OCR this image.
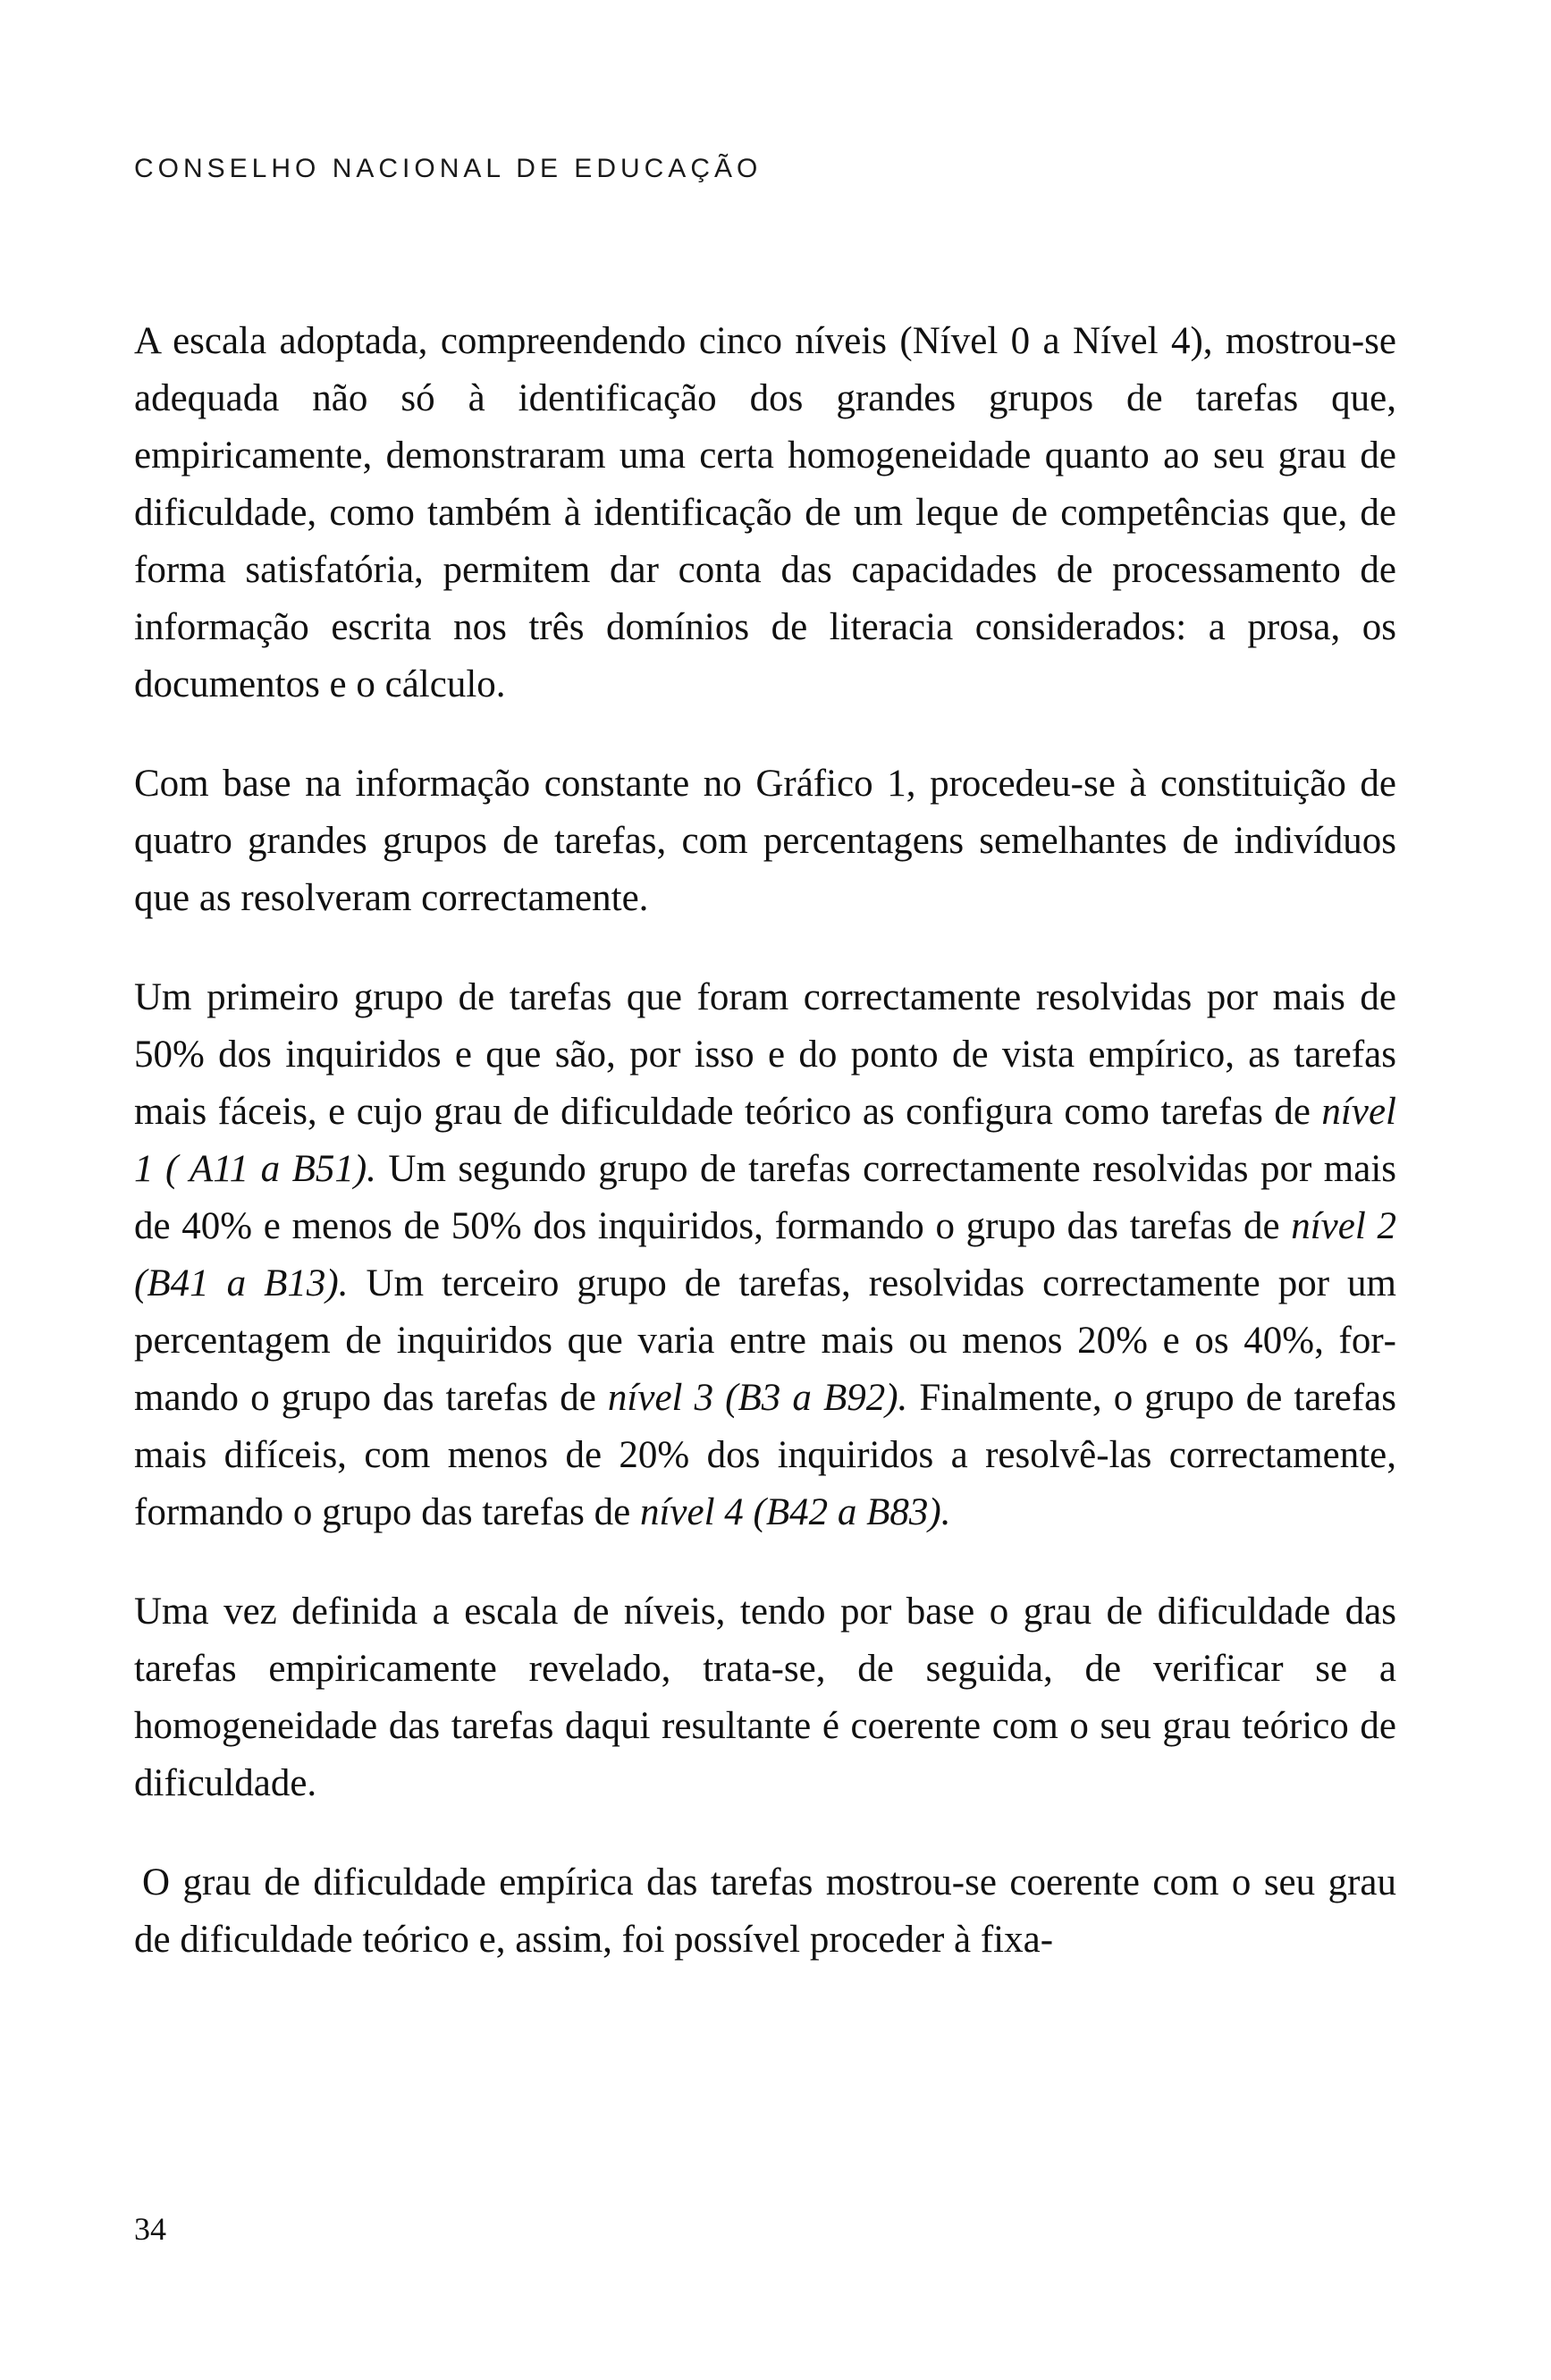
CONSELHO NACIONAL DE EDUCAÇÃO

A escala adoptada, compreendendo cinco níveis (Nível 0 a Nível 4), mostrou-se adequada não só à identificação dos grandes grupos de tarefas que, empiricamente, demonstraram uma certa homogeneidade quanto ao seu grau de dificuldade, como também à identificação de um leque de competências que, de forma satisfatória, permitem dar conta das capacidades de processamento de informação escrita nos três domínios de literacia considerados: a prosa, os documentos e o cálculo.

Com base na informação constante no Gráfico 1, procedeu-se à constituição de quatro grandes grupos de tarefas, com percentagens semelhantes de indivíduos que as resolveram correctamente.

Um primeiro grupo de tarefas que foram correctamente resolvidas por mais de 50% dos inquiridos e que são, por isso e do ponto de vista empírico, as tarefas mais fáceis, e cujo grau de dificuldade teórico as configura como tarefas de nível 1 ( A11 a B51). Um segundo grupo de tarefas correctamente resolvidas por mais de 40% e menos de 50% dos inquiridos, formando o grupo das tarefas de nível 2 (B41 a B13). Um terceiro grupo de tarefas, resolvidas correctamente por um percentagem de inquiridos que varia entre mais ou menos 20% e os 40%, formando o grupo das tarefas de nível 3 (B3 a B92). Finalmente, o grupo de tarefas mais difíceis, com menos de 20% dos inquiridos a resolvê-las correctamente, formando o grupo das tarefas de nível 4 (B42 a B83).

Uma vez definida a escala de níveis, tendo por base o grau de dificuldade das tarefas empiricamente revelado, trata-se, de seguida, de verificar se a homogeneidade das tarefas daqui resultante é coerente com o seu grau teórico de dificuldade.

O grau de dificuldade empírica das tarefas mostrou-se coerente com o seu grau de dificuldade teórico e, assim, foi possível proceder à fixa-

34
